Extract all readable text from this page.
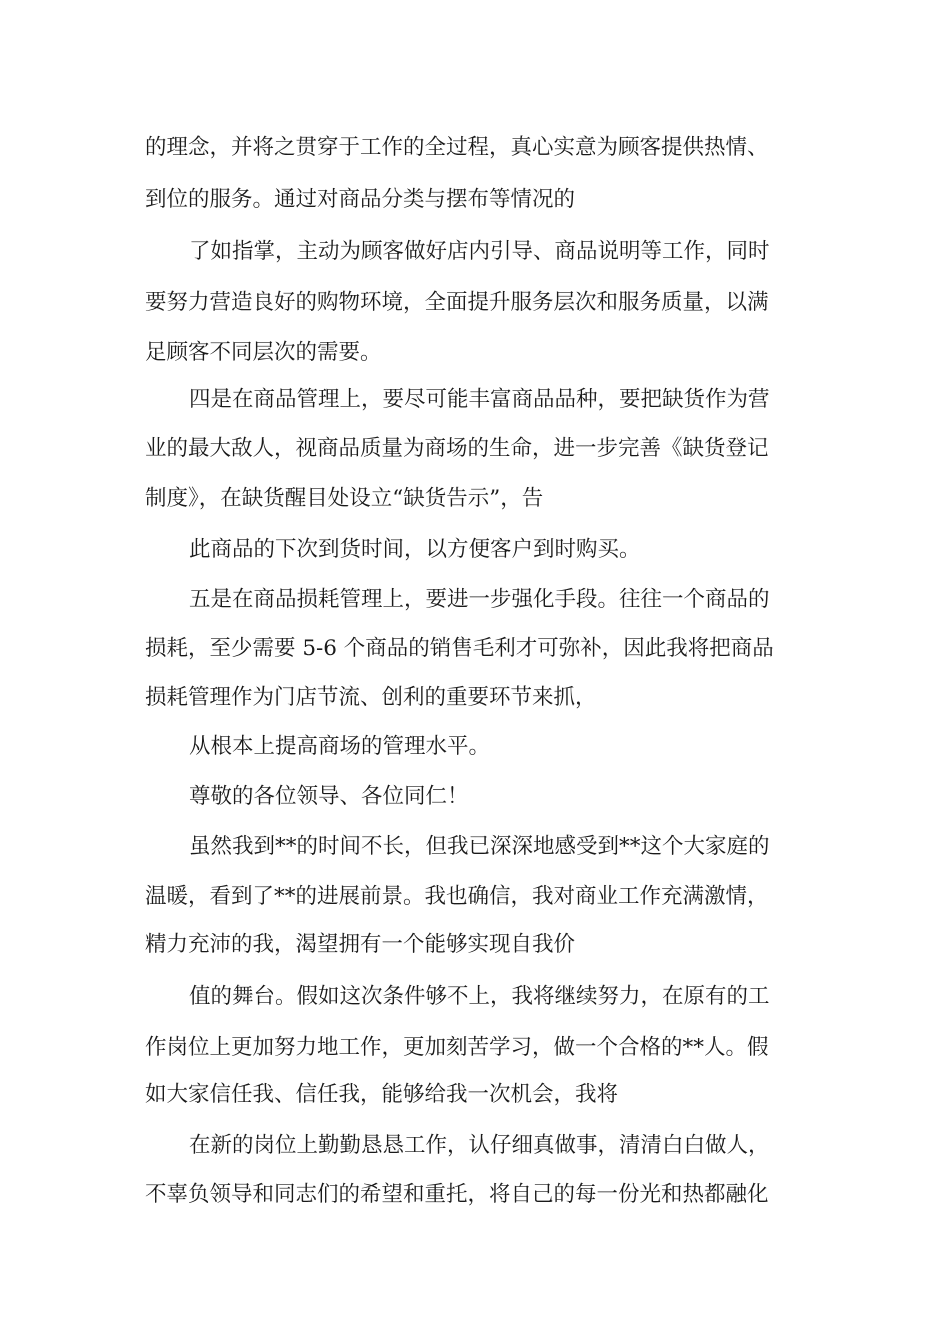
的理念，并将之贯穿于工作的全过程，真心实意为顾客提供热情、
到位的服务。通过对商品分类与摆布等情况的
了如指掌，主动为顾客做好店内引导、商品说明等工作，同时
要努力营造良好的购物环境，全面提升服务层次和服务质量，以满
足顾客不同层次的需要。
四是在商品管理上，要尽可能丰富商品品种，要把缺货作为营
业的最大敌人，视商品质量为商场的生命，进一步完善《缺货登记
制度》，在缺货醒目处设立“缺货告示”，告
此商品的下次到货时间，以方便客户到时购买。
五是在商品损耗管理上，要进一步强化手段。往往一个商品的
损耗，至少需要 5-6 个商品的销售毛利才可弥补，因此我将把商品
损耗管理作为门店节流、创利的重要环节来抓，
从根本上提高商场的管理水平。
尊敬的各位领导、各位同仁！
虽然我到**的时间不长，但我已深深地感受到**这个大家庭的
温暖，看到了**的进展前景。我也确信，我对商业工作充满激情，
精力充沛的我，渴望拥有一个能够实现自我价
值的舞台。假如这次条件够不上，我将继续努力，在原有的工
作岗位上更加努力地工作，更加刻苦学习，做一个合格的**人。假
如大家信任我、信任我，能够给我一次机会，我将
在新的岗位上勤勤恳恳工作，认仔细真做事，清清白白做人，
不辜负领导和同志们的希望和重托，将自己的每一份光和热都融化
